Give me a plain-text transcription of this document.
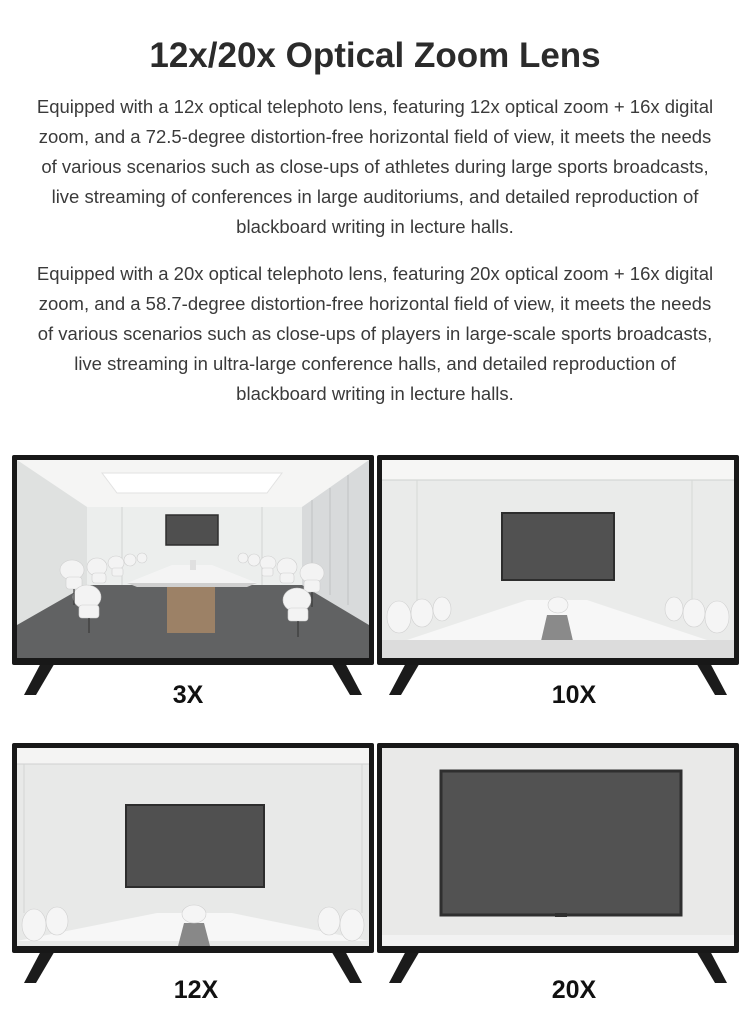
12x/20x Optical Zoom Lens

Equipped with a 12x optical telephoto lens, featuring 12x optical zoom + 16x digital zoom, and a 72.5-degree distortion-free horizontal field of view, it meets the needs of various scenarios such as close-ups of athletes during large sports broadcasts, live streaming of conferences in large auditoriums, and detailed reproduction of blackboard writing in lecture halls.

Equipped with a 20x optical telephoto lens, featuring 20x optical zoom + 16x digital zoom, and a 58.7-degree distortion-free horizontal field of view, it meets the needs of various scenarios such as close-ups of players in large-scale sports broadcasts, live streaming in ultra-large conference halls, and detailed reproduction of blackboard writing in lecture halls.

3X	10X
12X	20X
